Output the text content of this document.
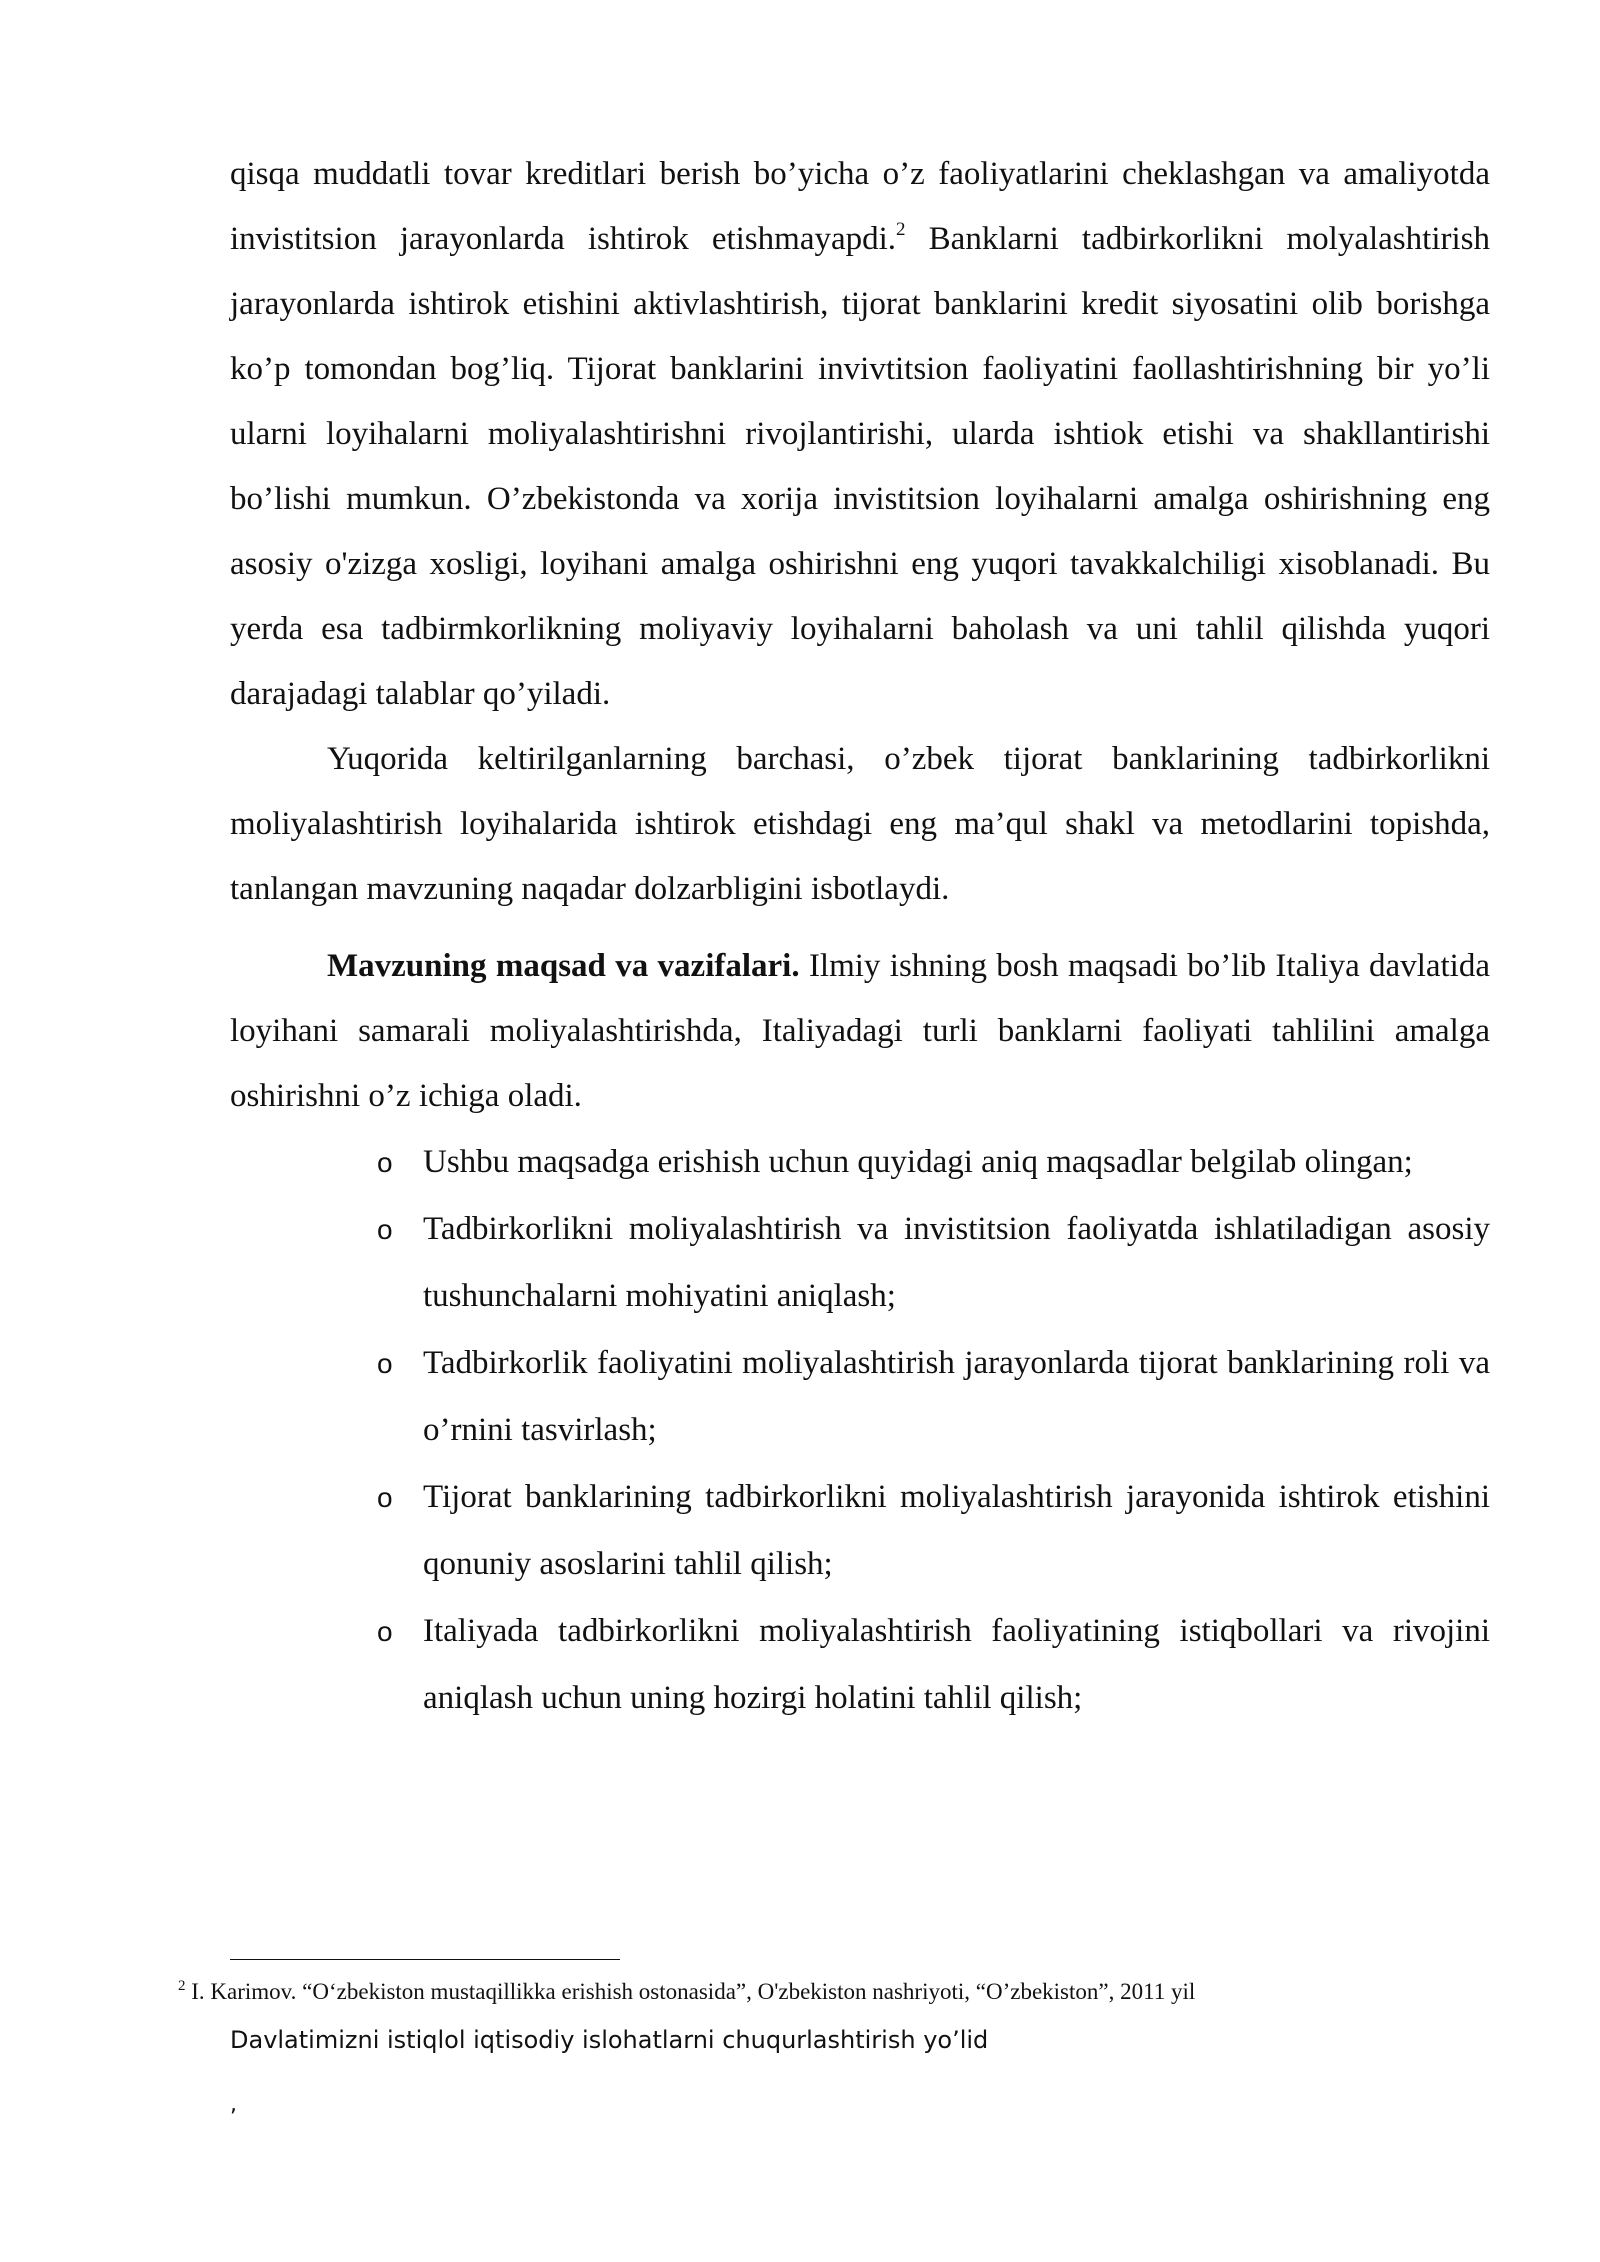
qisqa muddatli tovar kreditlari berish bo’yicha o’z faoliyatlarini cheklashgan va amaliyotda invistitsion jarayonlarda ishtirok etishmayapdi.$^2$ Banklarni tadbirkorlikni molyalashtirish jarayonlarda ishtirok etishini aktivlashtirish, tijorat banklarini kredit siyosatini olib borishga ko’p tomondan bog’liq. Tijorat banklarini invivtitsion faoliyatini faollashtirishning bir yo’li ularni loyihalarni moliyalashtirishni rivojlantirishi, ularda ishtiok etishi va shakllantirishi bo’lishi mumkun. O’zbekistonda va xorija invistitsion loyihalarni amalga oshirishning eng asosiy o'zizga xosligi, loyihani amalga oshirishni eng yuqori tavakkalchiligi xisoblanadi. Bu yerda esa tadbirmkorlikning moliyaviy loyihalarni baholash va uni tahlil qilishda yuqori darajadagi talablar qo’yiladi.

Yuqorida keltirilganlarning barchasi, o’zbek tijorat banklarining tadbirkorlikni moliyalashtirish loyihalarida ishtirok etishdagi eng ma’qul shakl va metodlarini topishda, tanlangan mavzuning naqadar dolzarbligini isbotlaydi.

Mavzuning maqsad va vazifalari. Ilmiy ishning bosh maqsadi bo’lib Italiya davlatida loyihani samarali moliyalashtirishda, Italiyadagi turli banklarni faoliyati tahlilini amalga oshirishni o’z ichiga oladi.

o Ushbu maqsadga erishish uchun quyidagi aniq maqsadlar belgilab olingan;
o Tadbirkorlikni moliyalashtirish va invistitsion faoliyatda ishlatiladigan asosiy tushunchalarni mohiyatini aniqlash;
o Tadbirkorlik faoliyatini moliyalashtirish jarayonlarda tijorat banklarining roli va o’rnini tasvirlash;
o Tijorat banklarining tadbirkorlikni moliyalashtirish jarayonida ishtirok etishini qonuniy asoslarini tahlil qilish;
o Italiyada tadbirkorlikni moliyalashtirish faoliyatining istiqbollari va rivojini aniqlash uchun uning hozirgi holatini tahlil qilish;
$^2$ I. Karimov. “O‘zbekiston mustaqillikka erishish ostonasida”, O'zbekiston nashriyoti, “O’zbekiston”, 2011 yil
Davlatimizni istiqlol iqtisodiy islohatlarni chuqurlashtirish yo’lid
,
